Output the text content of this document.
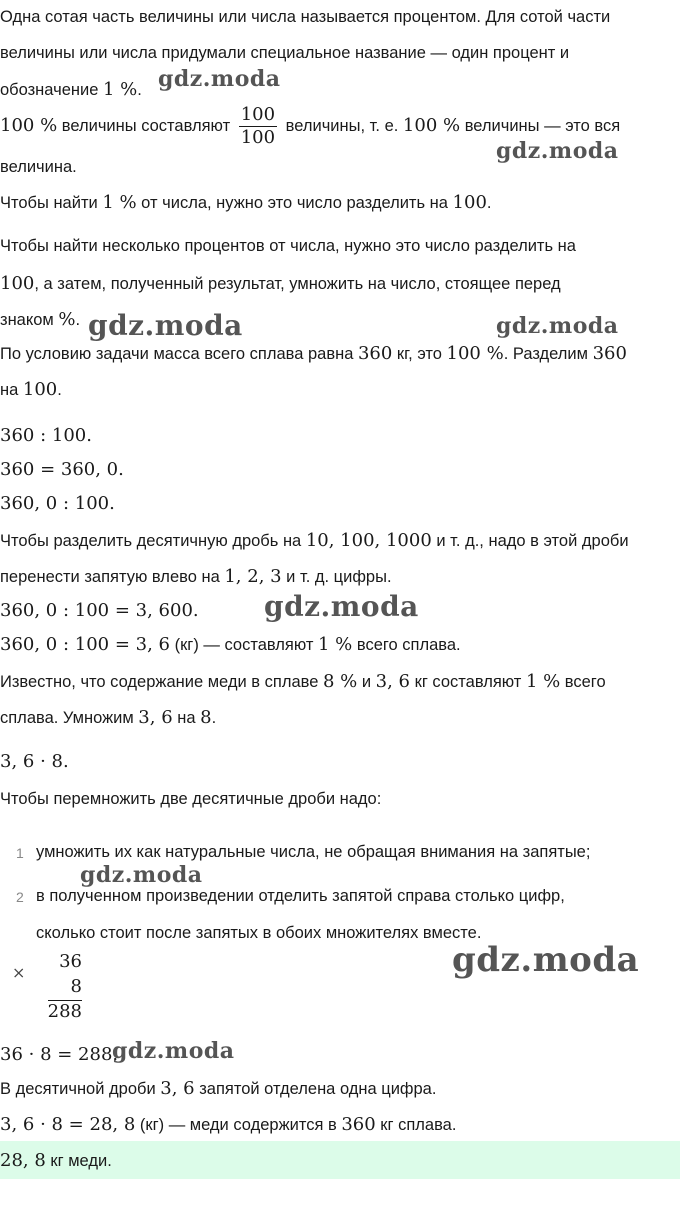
Одна сотая часть величины или числа называется процентом. Для сотой части
величины или числа придумали специальное название — один процент и
обозначение 1 %.
100 % величины составляют $\frac{100}{100}$ величины, т. е. 100 % величины — это вся
величина.
Чтобы найти 1 % от числа, нужно это число разделить на 100.
Чтобы найти несколько процентов от числа, нужно это число разделить на
100, а затем, полученный результат, умножить на число, стоящее перед
знаком %.
По условию задачи масса всего сплава равна 360 кг, это 100 %. Разделим 360
на 100.
360 : 100.
360 = 360, 0.
360, 0 : 100.
Чтобы разделить десятичную дробь на 10, 100, 1000 и т. д., надо в этой дроби
перенести запятую влево на 1, 2, 3 и т. д. цифры.
360, 0 : 100 = 3, 600.
360, 0 : 100 = 3, 6 (кг) — составляют 1 % всего сплава.
Известно, что содержание меди в сплаве 8 % и 3, 6 кг составляют 1 % всего
сплава. Умножим 3, 6 на 8.
3, 6 · 8.
Чтобы перемножить две десятичные дроби надо:
1 умножить их как натуральные числа, не обращая внимания на запятые;
2 в полученном произведении отделить запятой справа столько цифр,
сколько стоит после запятых в обоих множителях вместе.
×
36
8
288
36 · 8 = 288.
В десятичной дроби 3, 6 запятой отделена одна цифра.
3, 6 · 8 = 28, 8 (кг) — меди содержится в 360 кг сплава.
28, 8 кг меди.
gdz.moda
gdz.moda
gdz.moda	gdz.moda
gdz.moda
gdz.moda
gdz.moda
gdz.moda
